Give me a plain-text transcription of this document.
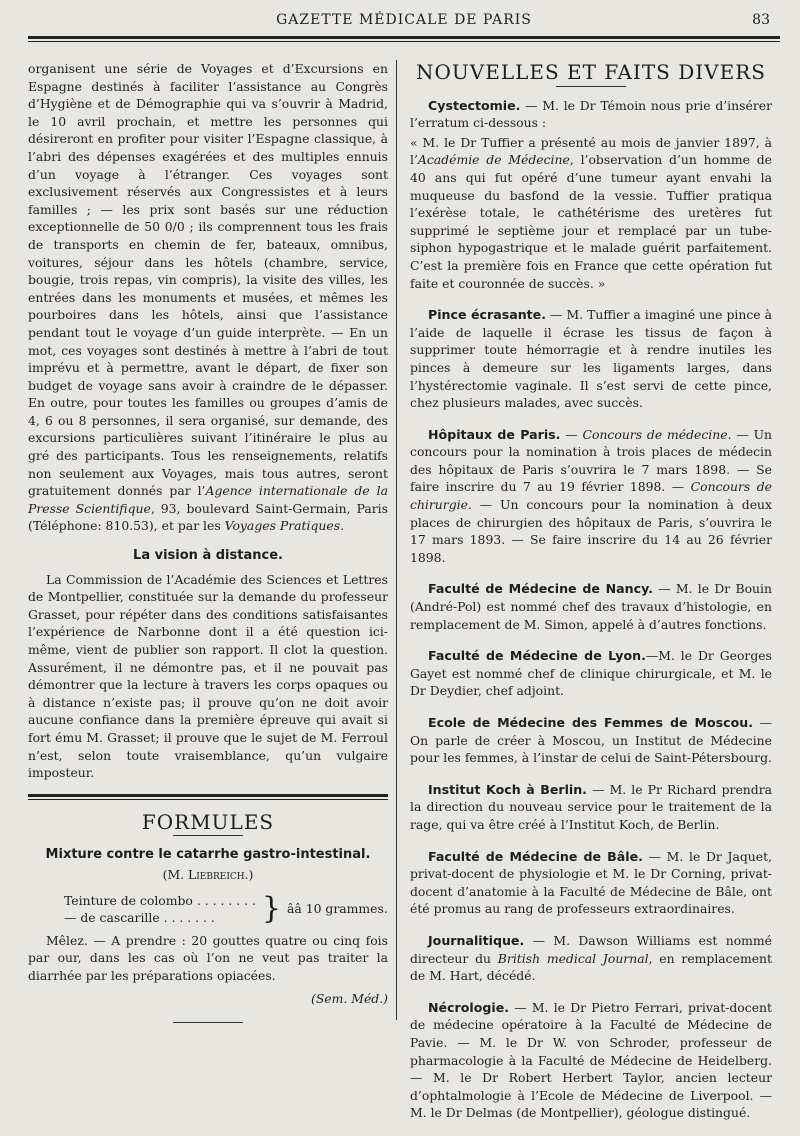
GAZETTE MÉDICALE DE PARIS	83

organisent une série de Voyages et d’Excursions en Espagne destinés à faciliter l’assistance au Congrès d’Hygiène et de Démographie qui va s’ouvrir à Madrid, le 10 avril prochain, et mettre les personnes qui désireront en profiter pour visiter l’Espagne classique, à l’abri des dépenses exagérées et des multiples ennuis d’un voyage à l’étranger. Ces voyages sont exclusivement réservés aux Congressistes et à leurs familles ; — les prix sont basés sur une réduction exceptionnelle de 50 0/0 ; ils comprennent tous les frais de transports en chemin de fer, bateaux, omnibus, voitures, séjour dans les hôtels (chambre, service, bougie, trois repas, vin compris), la visite des villes, les entrées dans les monuments et musées, et mêmes les pourboires dans les hôtels, ainsi que l’assistance pendant tout le voyage d’un guide interprète. — En un mot, ces voyages sont destinés à mettre à l’abri de tout imprévu et à permettre, avant le départ, de fixer son budget de voyage sans avoir à craindre de le dépasser. En outre, pour toutes les familles ou groupes d’amis de 4, 6 ou 8 personnes, il sera organisé, sur demande, des excursions particulières suivant l’itinéraire le plus au gré des participants. Tous les renseignements, relatifs non seulement aux Voyages, mais tous autres, seront gratuitement donnés par l’Agence internationale de la Presse Scientifique, 93, boulevard Saint-Germain, Paris (Téléphone: 810.53), et par les Voyages Pratiques.

La vision à distance.

La Commission de l’Académie des Sciences et Lettres de Montpellier, constituée sur la demande du professeur Grasset, pour répéter dans des conditions satisfaisantes l’expérience de Narbonne dont il a été question ici-même, vient de publier son rapport. Il clot la question. Assurément, il ne démontre pas, et il ne pouvait pas démontrer que la lecture à travers les corps opaques ou à distance n’existe pas; il prouve qu’on ne doit avoir aucune confiance dans la première épreuve qui avait si fort ému M. Grasset; il prouve que le sujet de M. Ferroul n’est, selon toute vraisemblance, qu’un vulgaire imposteur.

FORMULES
Mixture contre le catarrhe gastro-intestinal.
(M. Liebreich.)
Teinture de colombo . . . . . . . .
— de cascarille . . . . . . .	} ââ 10 grammes.

Mêlez. — A prendre : 20 gouttes quatre ou cinq fois par our, dans les cas où l’on ne veut pas traiter la diarrhée par les préparations opiacées.

(Sem. Méd.)
NOUVELLES ET FAITS DIVERS

Cystectomie. — M. le Dr Témoin nous prie d’insérer l’erratum ci-dessous :

« M. le Dr Tuffier a présenté au mois de janvier 1897, à l’Académie de Médecine, l’observation d’un homme de 40 ans qui fut opéré d’une tumeur ayant envahi la muqueuse du basfond de la vessie. Tuffier pratiqua l’exérèse totale, le cathétérisme des uretères fut supprimé le septième jour et remplacé par un tube-siphon hypogastrique et le malade guérit parfaitement. C’est la première fois en France que cette opération fut faite et couronnée de succès. »

Pince écrasante. — M. Tuffier a imaginé une pince à l’aide de laquelle il écrase les tissus de façon à supprimer toute hémorragie et à rendre inutiles les pinces à demeure sur les ligaments larges, dans l’hystérectomie vaginale. Il s’est servi de cette pince, chez plusieurs malades, avec succès.

Hôpitaux de Paris. — Concours de médecine. — Un concours pour la nomination à trois places de médecin des hôpitaux de Paris s’ouvrira le 7 mars 1898. — Se faire inscrire du 7 au 19 février 1898. — Concours de chirurgie. — Un concours pour la nomination à deux places de chirurgien des hôpitaux de Paris, s’ouvrira le 17 mars 1893. — Se faire inscrire du 14 au 26 février 1898.

Faculté de Médecine de Nancy. — M. le Dr Bouin (André-Pol) est nommé chef des travaux d’histologie, en remplacement de M. Simon, appelé à d’autres fonctions.

Faculté de Médecine de Lyon.—M. le Dr Georges Gayet est nommé chef de clinique chirurgicale, et M. le Dr Deydier, chef adjoint.

Ecole de Médecine des Femmes de Moscou. — On parle de créer à Moscou, un Institut de Médecine pour les femmes, à l’instar de celui de Saint-Pétersbourg.

Institut Koch à Berlin. — M. le Pr Richard prendra la direction du nouveau service pour le traitement de la rage, qui va être créé à l’Institut Koch, de Berlin.

Faculté de Médecine de Bâle. — M. le Dr Jaquet, privat-docent de physiologie et M. le Dr Corning, privat-docent d’anatomie à la Faculté de Médecine de Bâle, ont été promus au rang de professeurs extraordinaires.

Journalitique. — M. Dawson Williams est nommé directeur du British medical Journal, en remplacement de M. Hart, décédé.

Nécrologie. — M. le Dr Pietro Ferrari, privat-docent de médecine opératoire à la Faculté de Médecine de Pavie. — M. le Dr W. von Schroder, professeur de pharmacologie à la Faculté de Médecine de Heidelberg. — M. le Dr Robert Herbert Taylor, ancien lecteur d’ophtalmologie à l’Ecole de Médecine de Liverpool. — M. le Dr Delmas (de Montpellier), géologue distingué.
